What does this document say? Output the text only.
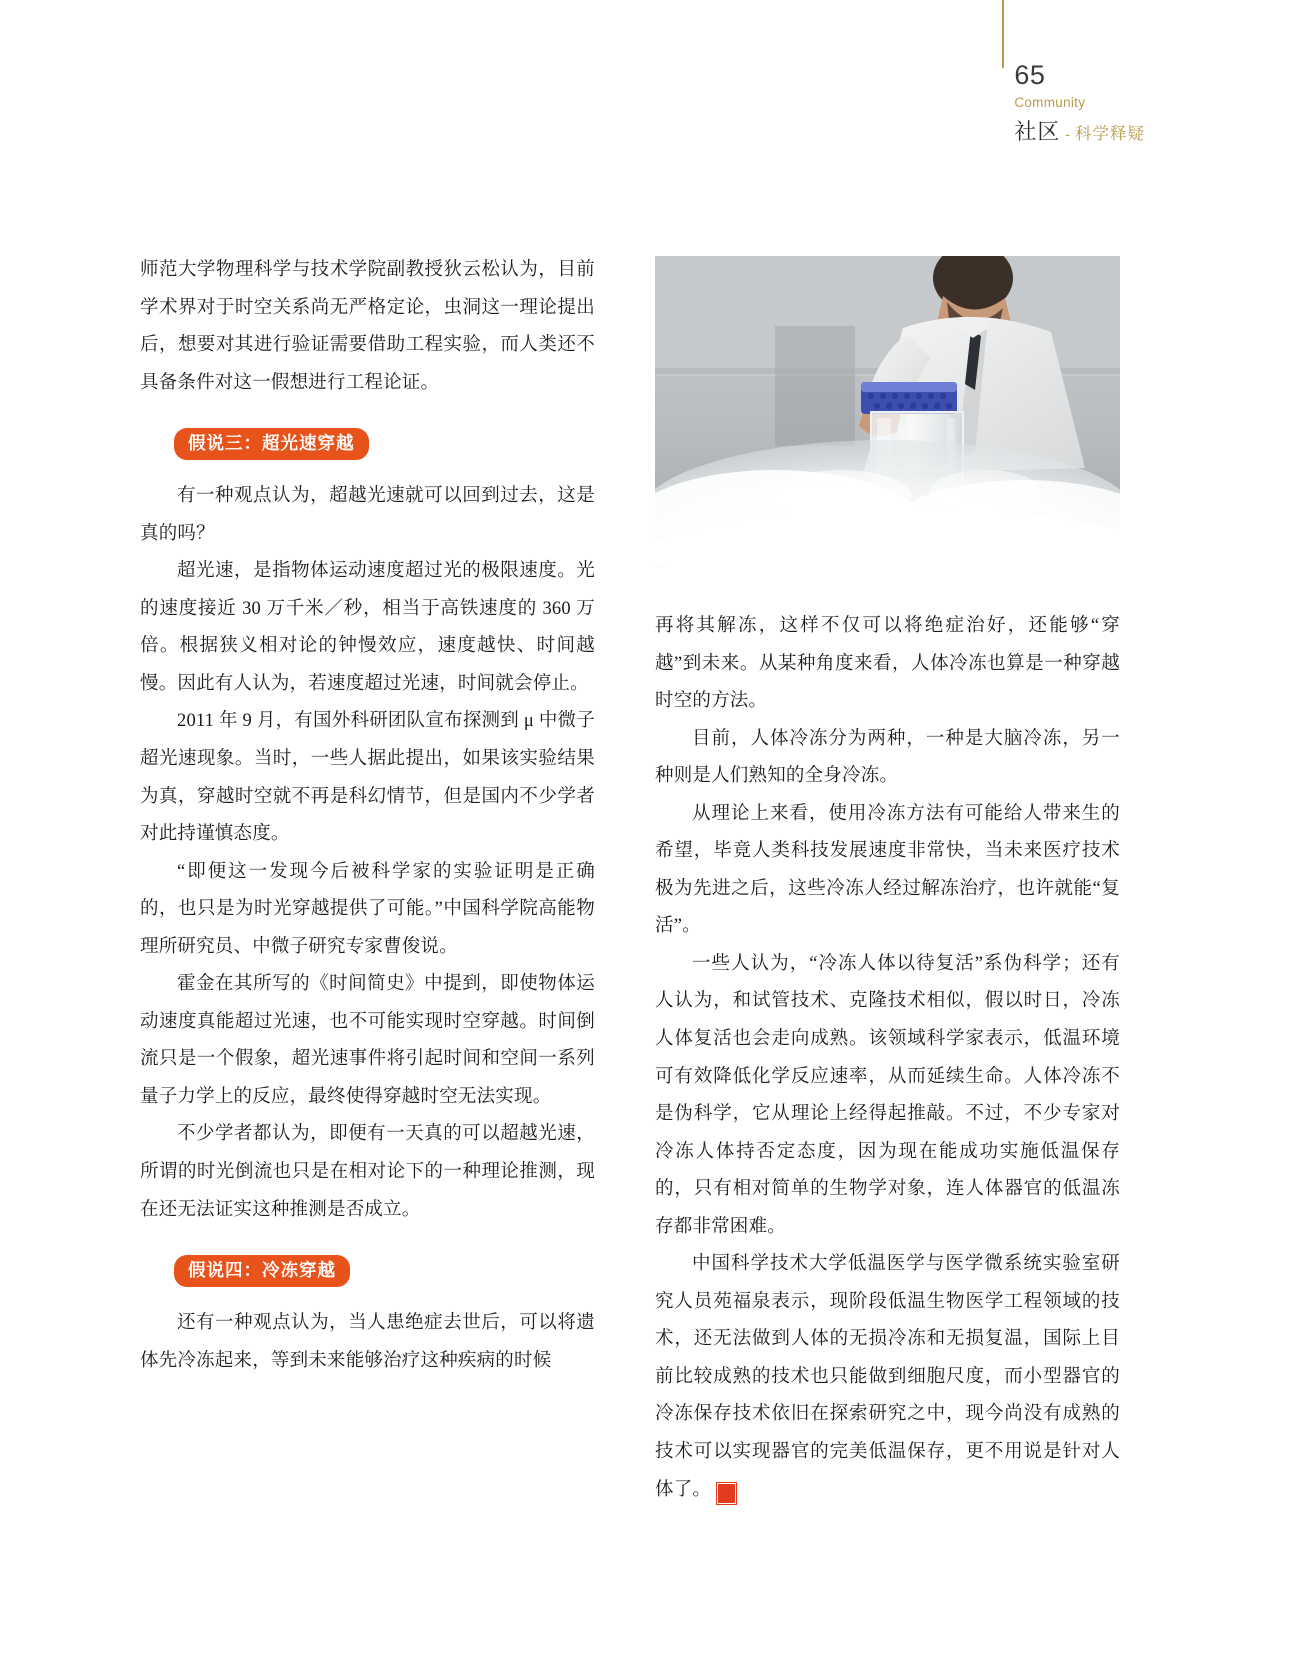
65
Community
社区 - 科学释疑

师范大学物理科学与技术学院副教授狄云松认为，目前学术界对于时空关系尚无严格定论，虫洞这一理论提出后，想要对其进行验证需要借助工程实验，而人类还不具备条件对这一假想进行工程论证。

假说三：超光速穿越

有一种观点认为，超越光速就可以回到过去，这是真的吗？

超光速，是指物体运动速度超过光的极限速度。光的速度接近 30 万千米／秒，相当于高铁速度的 360 万倍。根据狭义相对论的钟慢效应，速度越快、时间越慢。因此有人认为，若速度超过光速，时间就会停止。

2011 年 9 月，有国外科研团队宣布探测到 μ 中微子超光速现象。当时，一些人据此提出，如果该实验结果为真，穿越时空就不再是科幻情节，但是国内不少学者对此持谨慎态度。

“即便这一发现今后被科学家的实验证明是正确的，也只是为时光穿越提供了可能。”中国科学院高能物理所研究员、中微子研究专家曹俊说。

霍金在其所写的《时间简史》中提到，即使物体运动速度真能超过光速，也不可能实现时空穿越。时间倒流只是一个假象，超光速事件将引起时间和空间一系列量子力学上的反应，最终使得穿越时空无法实现。

不少学者都认为，即便有一天真的可以超越光速，所谓的时光倒流也只是在相对论下的一种理论推测，现在还无法证实这种推测是否成立。

假说四：冷冻穿越

还有一种观点认为，当人患绝症去世后，可以将遗体先冷冻起来，等到未来能够治疗这种疾病的时候

再将其解冻，这样不仅可以将绝症治好，还能够“穿越”到未来。从某种角度来看，人体冷冻也算是一种穿越时空的方法。

目前，人体冷冻分为两种，一种是大脑冷冻，另一种则是人们熟知的全身冷冻。

从理论上来看，使用冷冻方法有可能给人带来生的希望，毕竟人类科技发展速度非常快，当未来医疗技术极为先进之后，这些冷冻人经过解冻治疗，也许就能“复活”。

一些人认为，“冷冻人体以待复活”系伪科学；还有人认为，和试管技术、克隆技术相似，假以时日，冷冻人体复活也会走向成熟。该领域科学家表示，低温环境可有效降低化学反应速率，从而延续生命。人体冷冻不是伪科学，它从理论上经得起推敲。不过，不少专家对冷冻人体持否定态度，因为现在能成功实施低温保存的，只有相对简单的生物学对象，连人体器官的低温冻存都非常困难。

中国科学技术大学低温医学与医学微系统实验室研究人员苑福泉表示，现阶段低温生物医学工程领域的技术，还无法做到人体的无损冷冻和无损复温，国际上目前比较成熟的技术也只能做到细胞尺度，而小型器官的冷冻保存技术依旧在探索研究之中，现今尚没有成熟的技术可以实现器官的完美低温保存，更不用说是针对人体了。	S
